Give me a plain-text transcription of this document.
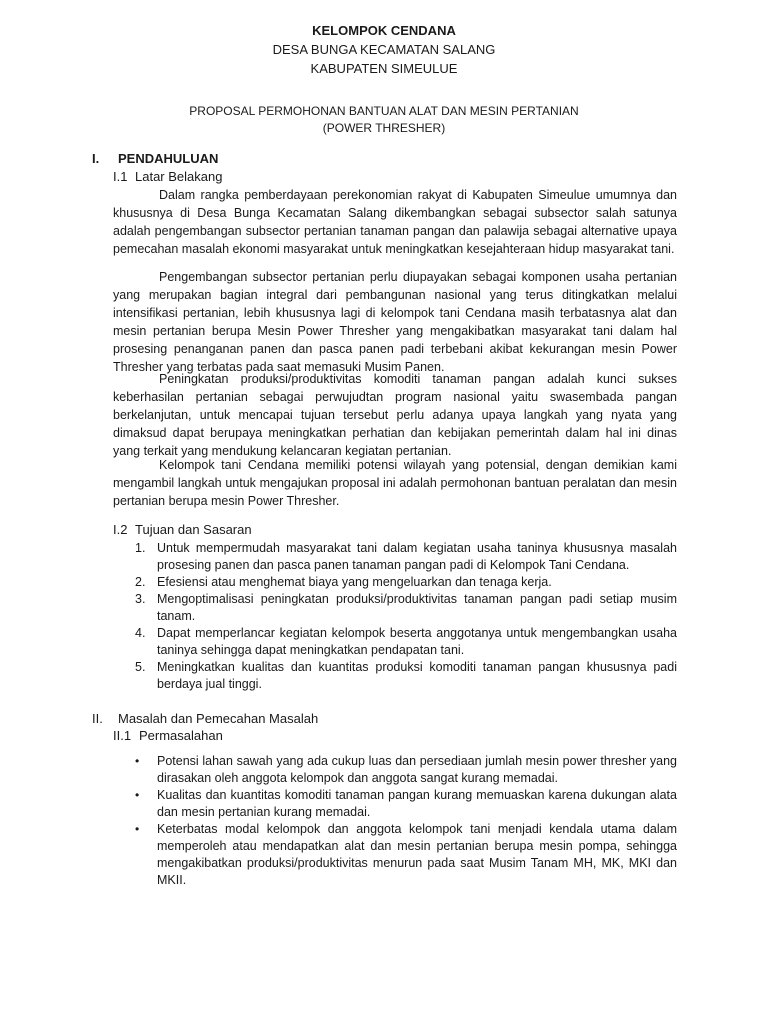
KELOMPOK CENDANA
DESA BUNGA KECAMATAN SALANG
KABUPATEN SIMEULUE
PROPOSAL PERMOHONAN BANTUAN ALAT DAN MESIN PERTANIAN
(POWER THRESHER)
I. PENDAHULUAN
I.1 Latar Belakang

Dalam rangka pemberdayaan perekonomian rakyat di Kabupaten Simeulue umumnya dan khususnya di Desa Bunga Kecamatan Salang dikembangkan sebagai subsector salah satunya adalah pengembangan subsector pertanian tanaman pangan dan palawija sebagai alternative upaya pemecahan masalah ekonomi masyarakat untuk meningkatkan kesejahteraan hidup masyarakat tani.

Pengembangan subsector pertanian perlu diupayakan sebagai komponen usaha pertanian yang merupakan bagian integral dari pembangunan nasional yang terus ditingkatkan melalui intensifikasi pertanian, lebih khususnya lagi di kelompok tani Cendana masih terbatasnya alat dan mesin pertanian berupa Mesin Power Thresher yang mengakibatkan masyarakat tani dalam hal prosesing penanganan panen dan pasca panen padi terbebani akibat kekurangan mesin Power Thresher yang terbatas pada saat memasuki Musim Panen.

Peningkatan produksi/produktivitas komoditi tanaman pangan adalah kunci sukses keberhasilan pertanian sebagai perwujudtan program nasional yaitu swasembada pangan berkelanjutan, untuk mencapai tujuan tersebut perlu adanya upaya langkah yang nyata yang dimaksud dapat berupaya meningkatkan perhatian dan kebijakan pemerintah dalam hal ini dinas yang terkait yang mendukung kelancaran kegiatan pertanian.

Kelompok tani Cendana memiliki potensi wilayah yang potensial, dengan demikian kami mengambil langkah untuk mengajukan proposal ini adalah permohonan bantuan peralatan dan mesin pertanian berupa mesin Power Thresher.

I.2 Tujuan dan Sasaran
1. Untuk mempermudah masyarakat tani dalam kegiatan usaha taninya khususnya masalah prosesing panen dan pasca panen tanaman pangan padi di Kelompok Tani Cendana.
2. Efesiensi atau menghemat biaya yang mengeluarkan dan tenaga kerja.
3. Mengoptimalisasi peningkatan produksi/produktivitas tanaman pangan padi setiap musim tanam.
4. Dapat memperlancar kegiatan kelompok beserta anggotanya untuk mengembangkan usaha taninya sehingga dapat meningkatkan pendapatan tani.
5. Meningkatkan kualitas dan kuantitas produksi komoditi tanaman pangan khususnya padi berdaya jual tinggi.
II. Masalah dan Pemecahan Masalah
II.1 Permasalahan
• Potensi lahan sawah yang ada cukup luas dan persediaan jumlah mesin power thresher yang dirasakan oleh anggota kelompok dan anggota sangat kurang memadai.
• Kualitas dan kuantitas komoditi tanaman pangan kurang memuaskan karena dukungan alata dan mesin pertanian kurang memadai.
• Keterbatas modal kelompok dan anggota kelompok tani menjadi kendala utama dalam memperoleh atau mendapatkan alat dan mesin pertanian berupa mesin pompa, sehingga mengakibatkan produksi/produktivitas menurun pada saat Musim Tanam MH, MK, MKI dan MKII.
